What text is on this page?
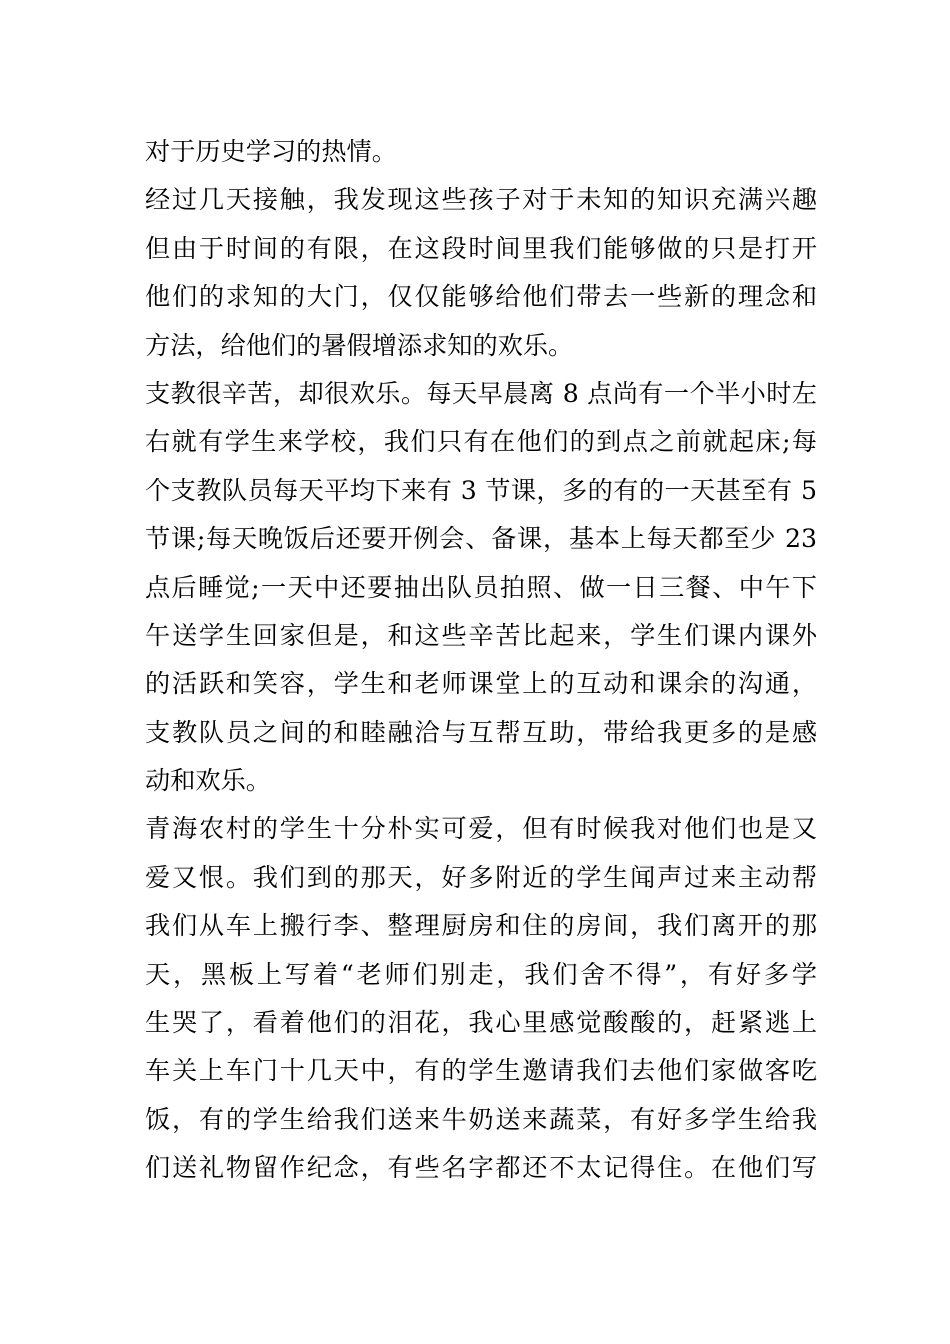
对于历史学习的热情。
经过几天接触，我发现这些孩子对于未知的知识充满兴趣
但由于时间的有限，在这段时间里我们能够做的只是打开
他们的求知的大门，仅仅能够给他们带去一些新的理念和
方法，给他们的暑假增添求知的欢乐。
支教很辛苦，却很欢乐。每天早晨离 8 点尚有一个半小时左
右就有学生来学校，我们只有在他们的到点之前就起床;每
个支教队员每天平均下来有 3 节课，多的有的一天甚至有 5
节课;每天晚饭后还要开例会、备课，基本上每天都至少 23
点后睡觉;一天中还要抽出队员拍照、做一日三餐、中午下
午送学生回家但是，和这些辛苦比起来，学生们课内课外
的活跃和笑容，学生和老师课堂上的互动和课余的沟通，
支教队员之间的和睦融洽与互帮互助，带给我更多的是感
动和欢乐。
青海农村的学生十分朴实可爱，但有时候我对他们也是又
爱又恨。我们到的那天，好多附近的学生闻声过来主动帮
我们从车上搬行李、整理厨房和住的房间，我们离开的那
天，黑板上写着“老师们别走，我们舍不得”，有好多学
生哭了，看着他们的泪花，我心里感觉酸酸的，赶紧逃上
车关上车门十几天中，有的学生邀请我们去他们家做客吃
饭，有的学生给我们送来牛奶送来蔬菜，有好多学生给我
们送礼物留作纪念，有些名字都还不太记得住。在他们写
